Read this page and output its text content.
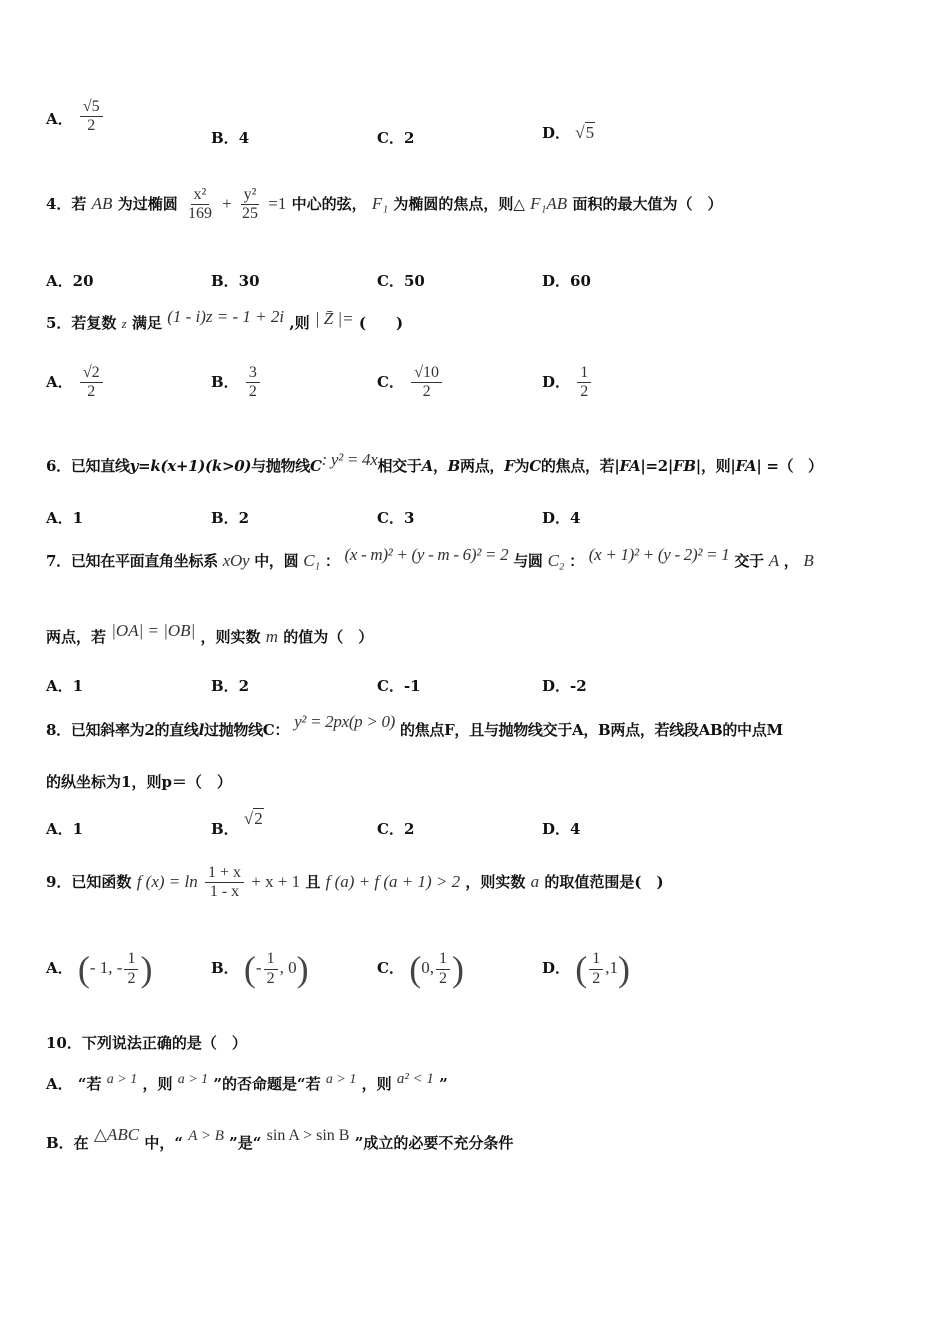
A． $\frac{√5}{2}$
B．4	C．2	D． √5
4．若 AB 为过椭圆 $\frac{\text{x²}}{169} + \frac{\text{y²}}{25} =1$ 中心的弦， F₁ 为椭圆的焦点，则△ F₁AB 面积的最大值为（　）
A．20	B．30	C．50	D．60
5．若复数 z 满足 (1 - i)z = - 1 + 2i ,则 | Z̄ |= (　　)
A． $\frac{√2}{2}$	B． $\frac{3}{2}$	C． $\frac{√10}{2}$	D． $\frac{1}{2}$
6．已知直线y=k(x+1)(k>0)与抛物线C: y² = 4x相交于A，B两点，F为C的焦点，若|FA|=2|FB|，则|FA| =（　）
A．1	B．2	C．3	D．4
7．已知在平面直角坐标系 xOy 中，圆 C₁ ： (x - m)² + (y - m - 6)² = 2 与圆 C₂ ： (x + 1)² + (y - 2)² = 1 交于 A ， B
两点，若 |OA| = |OB| ，则实数 m 的值为（　）
A．1	B．2	C．-1	D．-2
8．已知斜率为2的直线l过抛物线C： y² = 2px(p > 0) 的焦点F，且与抛物线交于A，B两点，若线段AB的中点M
的纵坐标为1，则p＝（　）
A．1	B． √2
C．2	D．4
9．已知函数 f $(x) = \ln \frac{1 + x}{1 - x} + x + 1$ 且 f (a) + f (a + 1) > 2 ，则实数 a 的取值范围是(　)
A． (- 1, - $\frac{1}{2}$ )	B． (- $\frac{1}{2}$ , 0)	C． (0, $\frac{1}{2}$ )	D． ( $\frac{1}{2} ,1$)
10．下列说法正确的是（　）
A． “若 a > 1 ，则 a > 1 ”的否命题是“若 a > 1 ，则 a² < 1 ”
B．在 △ABC 中，“ A > B ”是“ sin A > sin B ”成立的必要不充分条件
